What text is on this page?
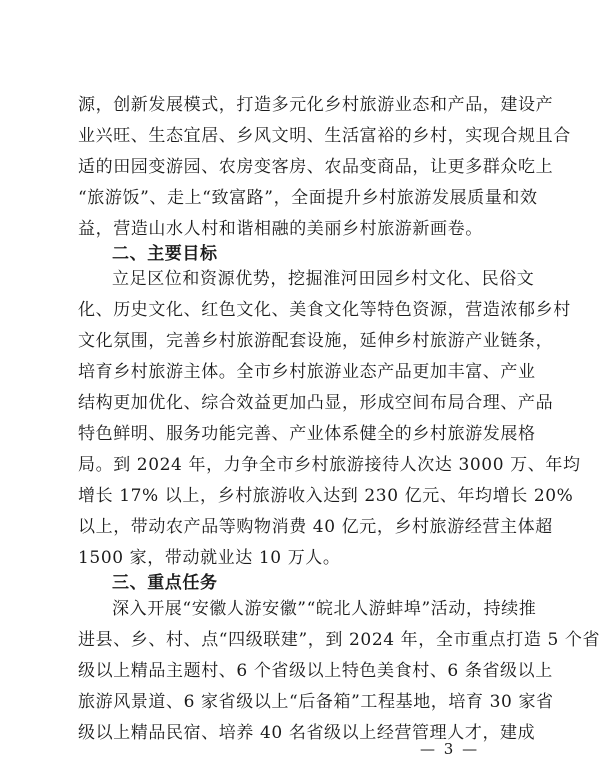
源，创新发展模式，打造多元化乡村旅游业态和产品，建设产
业兴旺、生态宜居、乡风文明、生活富裕的乡村，实现合规且合
适的田园变游园、农房变客房、农品变商品，让更多群众吃上
“旅游饭”、走上“致富路”，全面提升乡村旅游发展质量和效
益，营造山水人村和谐相融的美丽乡村旅游新画卷。
二、主要目标
立足区位和资源优势，挖掘淮河田园乡村文化、民俗文
化、历史文化、红色文化、美食文化等特色资源，营造浓郁乡村
文化氛围，完善乡村旅游配套设施，延伸乡村旅游产业链条，
培育乡村旅游主体。全市乡村旅游业态产品更加丰富、产业
结构更加优化、综合效益更加凸显，形成空间布局合理、产品
特色鲜明、服务功能完善、产业体系健全的乡村旅游发展格
局。到 2024 年，力争全市乡村旅游接待人次达 3000 万、年均
增长 17% 以上，乡村旅游收入达到 230 亿元、年均增长 20%
以上，带动农产品等购物消费 40 亿元，乡村旅游经营主体超
1500 家，带动就业达 10 万人。
三、重点任务
深入开展“安徽人游安徽”“皖北人游蚌埠”活动，持续推
进县、乡、村、点“四级联建”，到 2024 年，全市重点打造 5 个省
级以上精品主题村、6 个省级以上特色美食村、6 条省级以上
旅游风景道、6 家省级以上“后备箱”工程基地，培育 30 家省
级以上精品民宿、培养 40 名省级以上经营管理人才，建成
— 3 —
